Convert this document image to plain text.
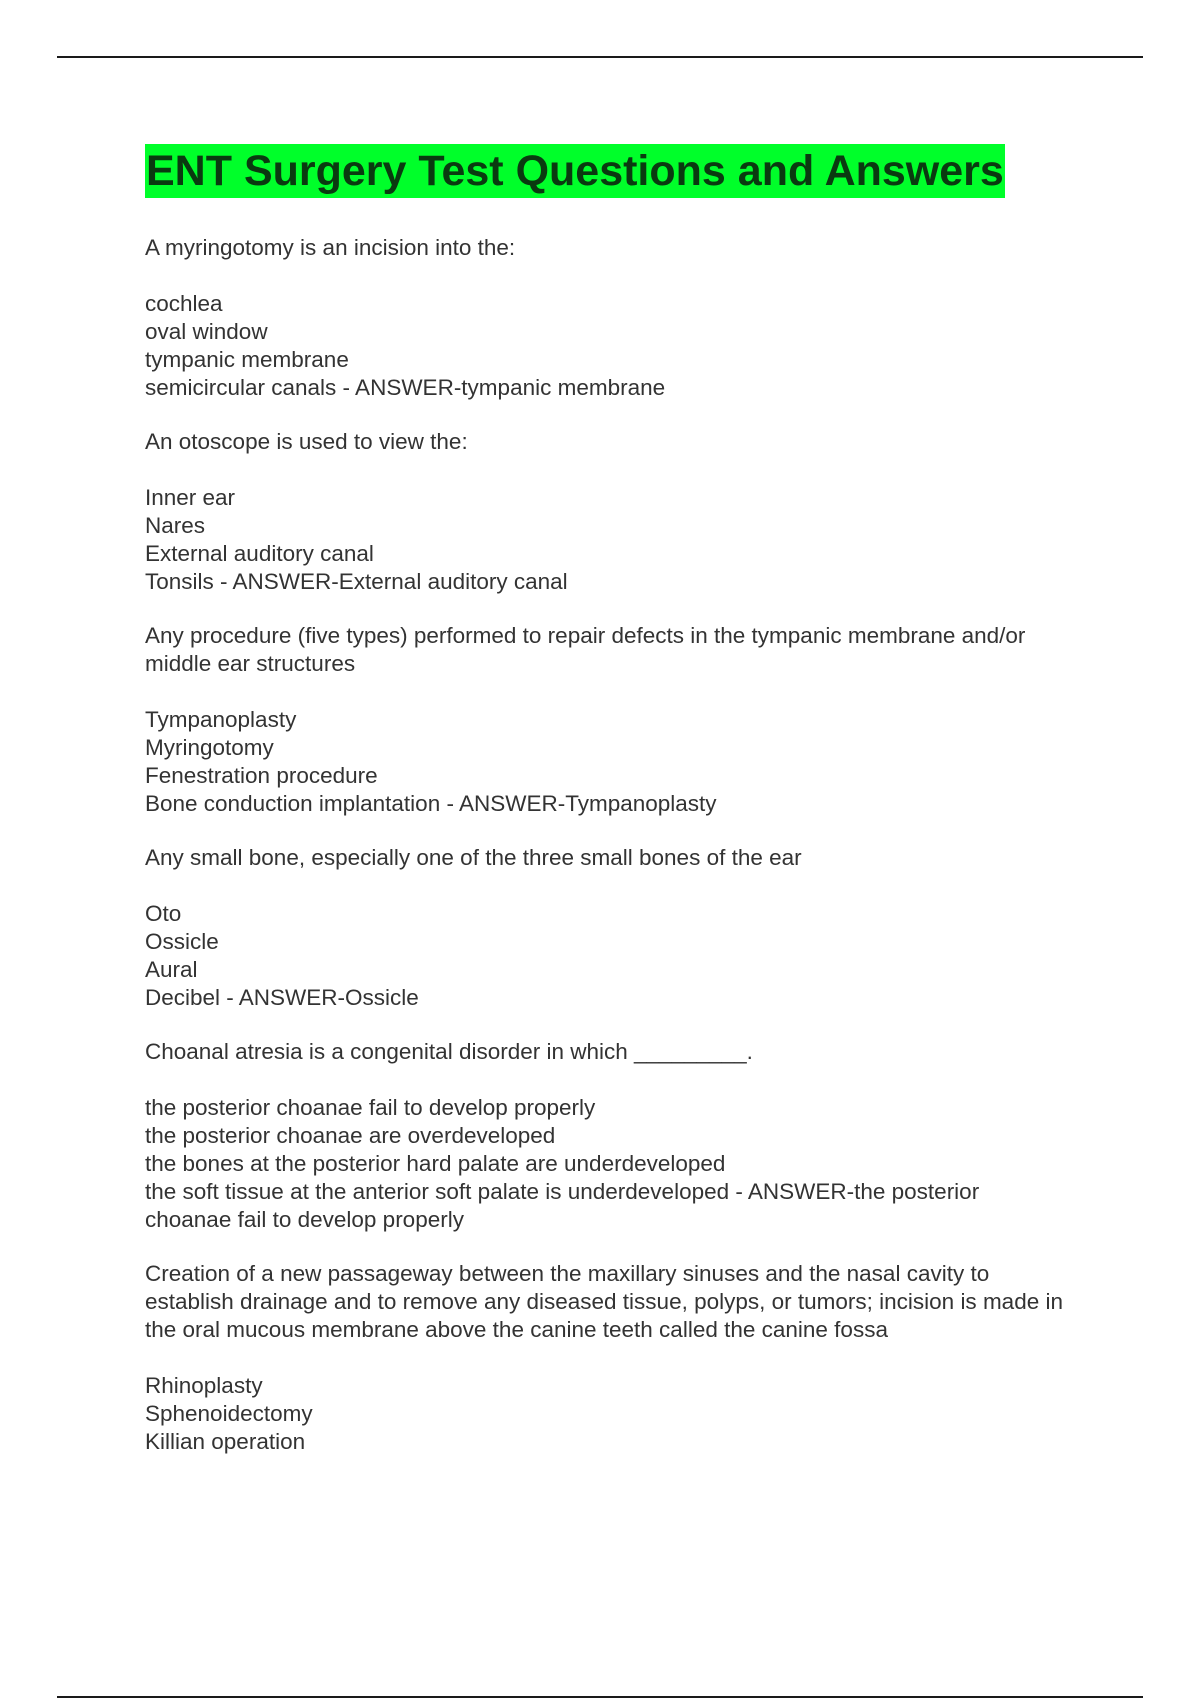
ENT Surgery Test Questions and Answers
A myringotomy is an incision into the:
cochlea
oval window
tympanic membrane
semicircular canals - ANSWER-tympanic membrane
An otoscope is used to view the:
Inner ear
Nares
External auditory canal
Tonsils - ANSWER-External auditory canal
Any procedure (five types) performed to repair defects in the tympanic membrane and/or middle ear structures
Tympanoplasty
Myringotomy
Fenestration procedure
Bone conduction implantation - ANSWER-Tympanoplasty
Any small bone, especially one of the three small bones of the ear
Oto
Ossicle
Aural
Decibel - ANSWER-Ossicle
Choanal atresia is a congenital disorder in which _________.
the posterior choanae fail to develop properly
the posterior choanae are overdeveloped
the bones at the posterior hard palate are underdeveloped
the soft tissue at the anterior soft palate is underdeveloped - ANSWER-the posterior choanae fail to develop properly
Creation of a new passageway between the maxillary sinuses and the nasal cavity to establish drainage and to remove any diseased tissue, polyps, or tumors; incision is made in the oral mucous membrane above the canine teeth called the canine fossa
Rhinoplasty
Sphenoidectomy
Killian operation
